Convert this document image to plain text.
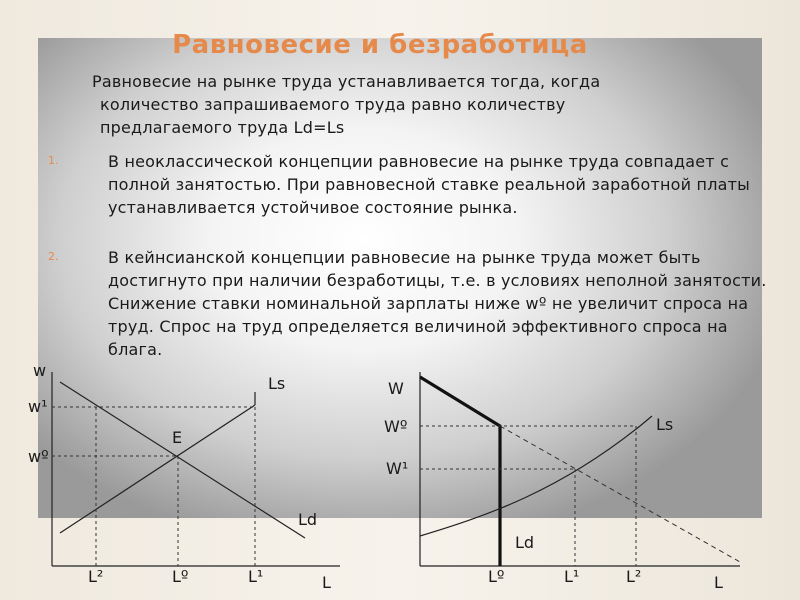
Равновесие и безработица
Равновесие на рынке труда устанавливается тогда, когда
количество запрашиваемого труда равно количеству
предлагаемого труда Ld=Ls
1.	В неоклассической концепции равновесие на рынке труда совпадает с полной занятостью. При равновесной ставке реальной заработной платы устанавливается устойчивое состояние рынка.
2.	В кейнсианской концепции равновесие на рынке труда может быть достигнуто при наличии безработицы, т.е. в условиях неполной занятости. Снижение ставки номинальной зарплаты ниже wº не увеличит спроса на труд. Спрос на труд определяется величиной эффективного спроса на блага.
w
L
w¹
wº
E
Ls
Ld
L²	Lº	L¹
W
L
Wº
W¹
Ls
Ld
Lº	L¹	L²
